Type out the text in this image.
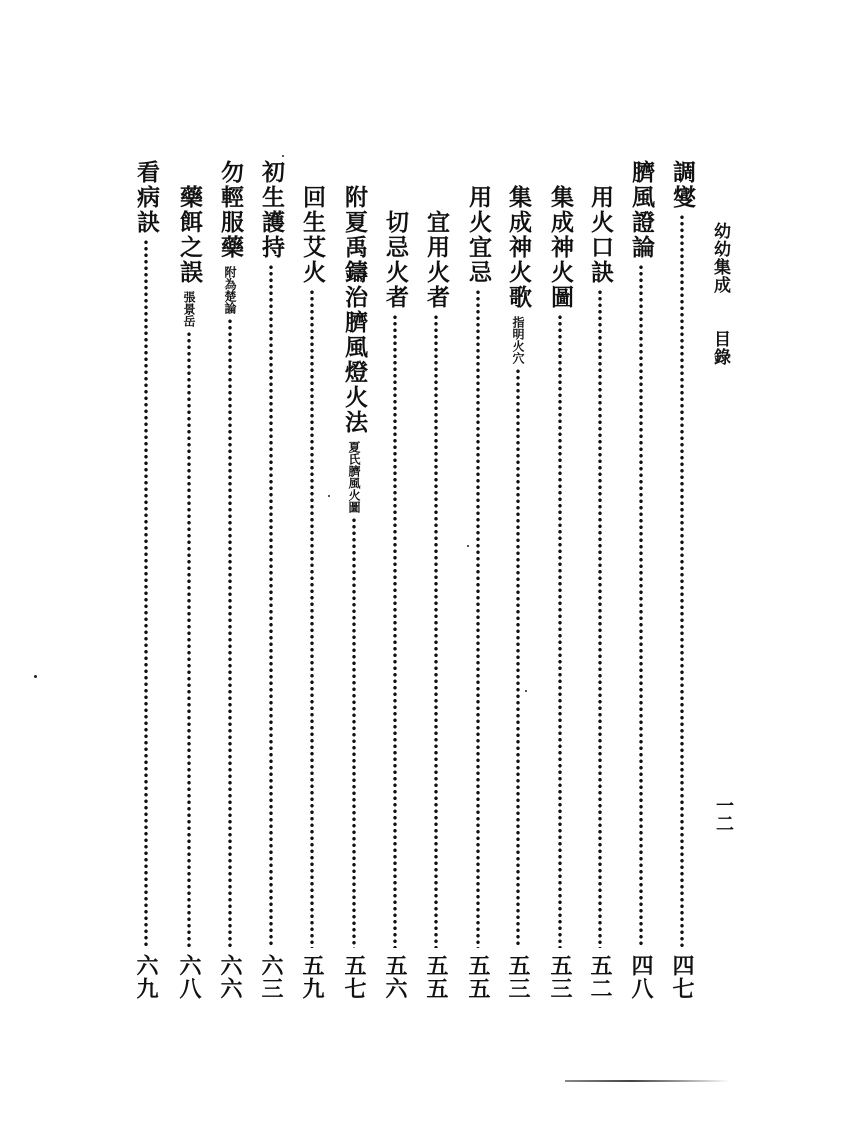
幼幼集成
目錄
一二
調燮
四七
臍風證論
四八
用火口訣
五二
集成神火圖
五三
集成神火歌
指明火穴
五三
用火宜忌
五五
宜用火者
五五
切忌火者
五六
附夏禹鑄治臍風燈火法
夏氏臍風火圖
五七
回生艾火
五九
初生護持
六三
勿輕服藥
附為楚論
六六
藥餌之誤
張景岳
六八
看病訣
六九
